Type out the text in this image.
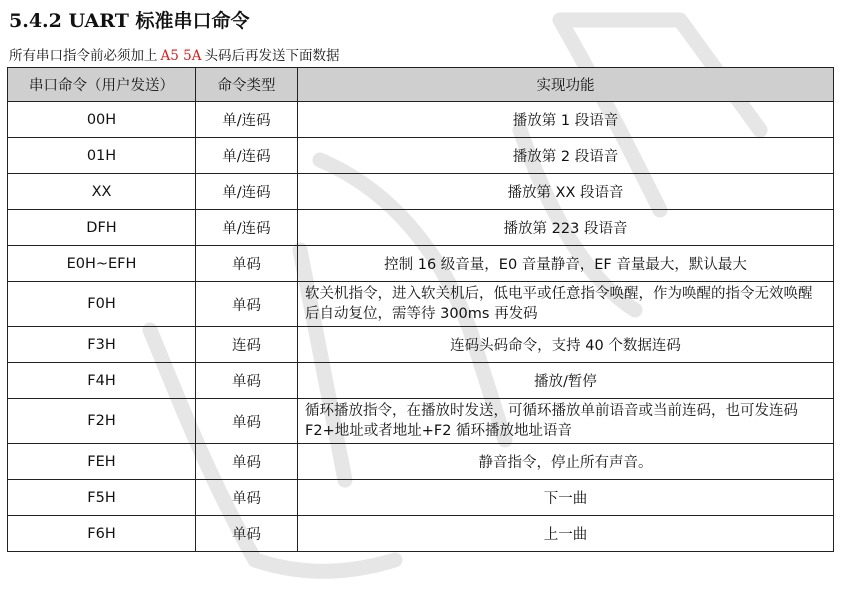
5.4.2 UART 标准串口命令
所有串口指令前必须加上 A5 5A 头码后再发送下面数据
串口命令（用户发送）	命令类型	实现功能
00H	单/连码	播放第 1 段语音
01H	单/连码	播放第 2 段语音
XX	单/连码	播放第 XX 段语音
DFH	单/连码	播放第 223 段语音
E0H~EFH	单码	控制 16 级音量，E0 音量静音，EF 音量最大，默认最大
F0H	单码	软关机指令，进入软关机后，低电平或任意指令唤醒，作为唤醒的指令无效唤醒后自动复位，需等待 300ms 再发码
F3H	连码	连码头码命令，支持 40 个数据连码
F4H	单码	播放/暂停
F2H	单码	循环播放指令，在播放时发送，可循环播放单前语音或当前连码，也可发连码 F2+地址或者地址+F2 循环播放地址语音
FEH	单码	静音指令，停止所有声音。
F5H	单码	下一曲
F6H	单码	上一曲
